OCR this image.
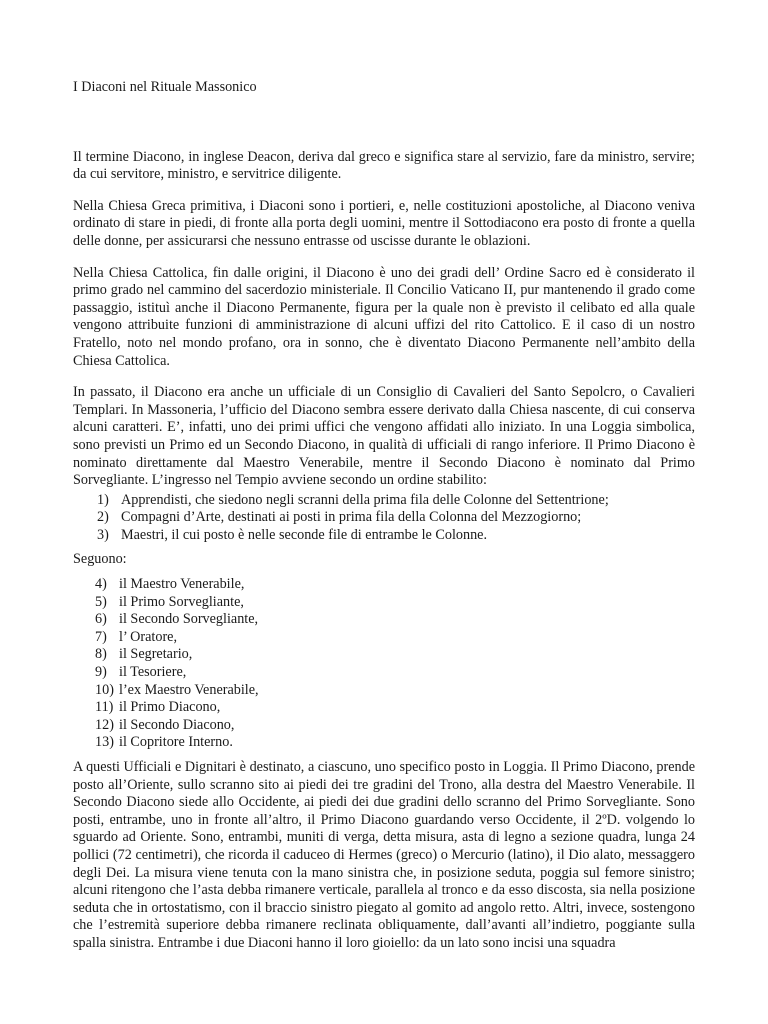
I Diaconi nel Rituale Massonico

Il termine Diacono, in inglese Deacon, deriva dal greco e significa stare al servizio, fare da ministro, servire; da cui servitore, ministro, e servitrice diligente.

Nella Chiesa Greca primitiva, i Diaconi sono i portieri, e, nelle costituzioni apostoliche, al Diacono veniva ordinato di stare in piedi, di fronte alla porta degli uomini, mentre il Sottodiacono era posto di fronte a quella delle donne, per assicurarsi che nessuno entrasse od uscisse durante le oblazioni.

Nella Chiesa Cattolica, fin dalle origini, il Diacono è uno dei gradi dell’ Ordine Sacro ed è considerato il primo grado nel cammino del sacerdozio ministeriale. Il Concilio Vaticano II, pur mantenendo il grado come passaggio, istituì anche il Diacono Permanente, figura per la quale non è previsto il celibato ed alla quale vengono attribuite funzioni di amministrazione di alcuni uffizi del rito Cattolico. E il caso di un nostro Fratello, noto nel mondo profano, ora in sonno, che è diventato Diacono Permanente nell’ambito della Chiesa Cattolica.

In passato, il Diacono era anche un ufficiale di un Consiglio di Cavalieri del Santo Sepolcro, o Cavalieri Templari. In Massoneria, l’ufficio del Diacono sembra essere derivato dalla Chiesa nascente, di cui conserva alcuni caratteri. E’, infatti, uno dei primi uffici che vengono affidati allo iniziato. In una Loggia simbolica, sono previsti un Primo ed un Secondo Diacono, in qualità di ufficiali di rango inferiore. Il Primo Diacono è nominato direttamente dal Maestro Venerabile, mentre il Secondo Diacono è nominato dal Primo Sorvegliante. L’ingresso nel Tempio avviene secondo un ordine stabilito:

1) Apprendisti, che siedono negli scranni della prima fila delle Colonne del Settentrione;
2) Compagni d’Arte, destinati ai posti in prima fila della Colonna del Mezzogiorno;
3) Maestri, il cui posto è nelle seconde file di entrambe le Colonne.
Seguono:
4) il Maestro Venerabile,
5) il Primo Sorvegliante,
6) il Secondo Sorvegliante,
7) l’ Oratore,
8) il Segretario,
9) il Tesoriere,
10) l’ex Maestro Venerabile,
11) il Primo Diacono,
12) il Secondo Diacono,
13) il Copritore Interno.

A questi Ufficiali e Dignitari è destinato, a ciascuno, uno specifico posto in Loggia. Il Primo Diacono, prende posto all’Oriente, sullo scranno sito ai piedi dei tre gradini del Trono, alla destra del Maestro Venerabile. Il Secondo Diacono siede allo Occidente, ai piedi dei due gradini dello scranno del Primo Sorvegliante. Sono posti, entrambe, uno in fronte all’altro, il Primo Diacono guardando verso Occidente, il 2ºD. volgendo lo sguardo ad Oriente. Sono, entrambi, muniti di verga, detta misura, asta di legno a sezione quadra, lunga 24 pollici (72 centimetri), che ricorda il caduceo di Hermes (greco) o Mercurio (latino), il Dio alato, messaggero degli Dei. La misura viene tenuta con la mano sinistra che, in posizione seduta, poggia sul femore sinistro; alcuni ritengono che l’asta debba rimanere verticale, parallela al tronco e da esso discosta, sia nella posizione seduta che in ortostatismo, con il braccio sinistro piegato al gomito ad angolo retto. Altri, invece, sostengono che l’estremità superiore debba rimanere reclinata obliquamente, dall’avanti all’indietro, poggiante sulla spalla sinistra. Entrambe i due Diaconi hanno il loro gioiello: da un lato sono incisi una squadra
